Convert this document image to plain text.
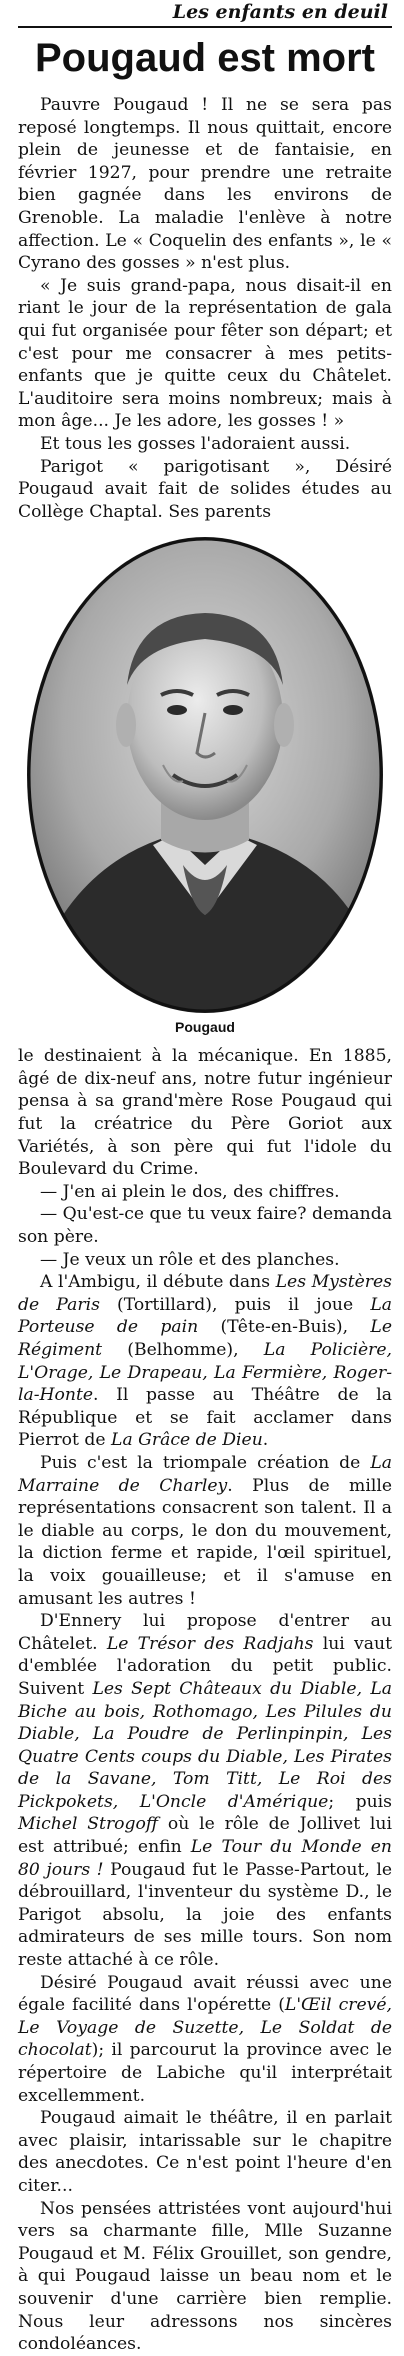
Les enfants en deuil
Pougaud est mort

Pauvre Pougaud ! Il ne se sera pas reposé longtemps. Il nous quittait, encore plein de jeunesse et de fantaisie, en février 1927, pour prendre une retraite bien gagnée dans les environs de Grenoble. La maladie l'enlève à notre affection. Le « Coquelin des enfants », le « Cyrano des gosses » n'est plus.

« Je suis grand-papa, nous disait-il en riant le jour de la représentation de gala qui fut organisée pour fêter son départ; et c'est pour me consacrer à mes petits-enfants que je quitte ceux du Châtelet. L'auditoire sera moins nombreux; mais à mon âge... Je les adore, les gosses ! »

Et tous les gosses l'adoraient aussi.

Parigot « parigotisant », Désiré Pougaud avait fait de solides études au Collège Chaptal. Ses parents

Pougaud

le destinaient à la mécanique. En 1885, âgé de dix-neuf ans, notre futur ingénieur pensa à sa grand'mère Rose Pougaud qui fut la créatrice du Père Goriot aux Variétés, à son père qui fut l'idole du Boulevard du Crime.

— J'en ai plein le dos, des chiffres.

— Qu'est-ce que tu veux faire? demanda son père.

— Je veux un rôle et des planches.

A l'Ambigu, il débute dans Les Mystères de Paris (Tortillard), puis il joue La Porteuse de pain (Tête-en-Buis), Le Régiment (Belhomme), La Policière, L'Orage, Le Drapeau, La Fermière, Roger-la-Honte. Il passe au Théâtre de la République et se fait acclamer dans Pierrot de La Grâce de Dieu.

Puis c'est la triompale création de La Marraine de Charley. Plus de mille représentations consacrent son talent. Il a le diable au corps, le don du mouvement, la diction ferme et rapide, l'œil spirituel, la voix gouailleuse; et il s'amuse en amusant les autres !

D'Ennery lui propose d'entrer au Châtelet. Le Trésor des Radjahs lui vaut d'emblée l'adoration du petit public. Suivent Les Sept Châteaux du Diable, La Biche au bois, Rothomago, Les Pilules du Diable, La Poudre de Perlinpinpin, Les Quatre Cents coups du Diable, Les Pirates de la Savane, Tom Titt, Le Roi des Pickpokets, L'Oncle d'Amérique; puis Michel Strogoff où le rôle de Jollivet lui est attribué; enfin Le Tour du Monde en 80 jours ! Pougaud fut le Passe-Partout, le débrouillard, l'inventeur du système D., le Parigot absolu, la joie des enfants admirateurs de ses mille tours. Son nom reste attaché à ce rôle.

Désiré Pougaud avait réussi avec une égale facilité dans l'opérette (L'Œil crevé, Le Voyage de Suzette, Le Soldat de chocolat); il parcourut la province avec le répertoire de Labiche qu'il interprétait excellemment.

Pougaud aimait le théâtre, il en parlait avec plaisir, intarissable sur le chapitre des anecdotes. Ce n'est point l'heure d'en citer...

Nos pensées attristées vont aujourd'hui vers sa charmante fille, Mlle Suzanne Pougaud et M. Félix Grouillet, son gendre, à qui Pougaud laisse un beau nom et le souvenir d'une carrière bien remplie. Nous leur adressons nos sincères condoléances.
